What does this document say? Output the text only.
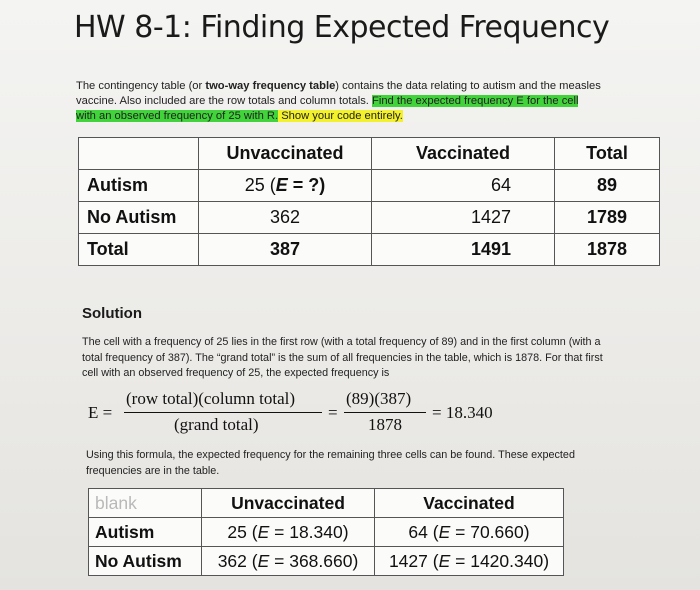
HW 8-1: Finding Expected Frequency
The contingency table (or two-way frequency table) contains the data relating to autism and the measles vaccine. Also included are the row totals and column totals. Find the expected frequency E for the cell with an observed frequency of 25 with R. Show your code entirely.
	Unvaccinated	Vaccinated	Total
Autism	25 (E = ?)	64	89
No Autism	362	1427	1789
Total	387	1491	1878
Solution
The cell with a frequency of 25 lies in the first row (with a total frequency of 89) and in the first column (with a total frequency of 387). The “grand total” is the sum of all frequencies in the table, which is 1878. For that first cell with an observed frequency of 25, the expected frequency is
E =
(row total)(column total)
(grand total)
=
(89)(387)
1878
= 18.340
Using this formula, the expected frequency for the remaining three cells can be found. These expected frequencies are in the table.
blank	Unvaccinated	Vaccinated
Autism	25 (E = 18.340)	64 (E = 70.660)
No Autism	362 (E = 368.660)	1427 (E = 1420.340)
